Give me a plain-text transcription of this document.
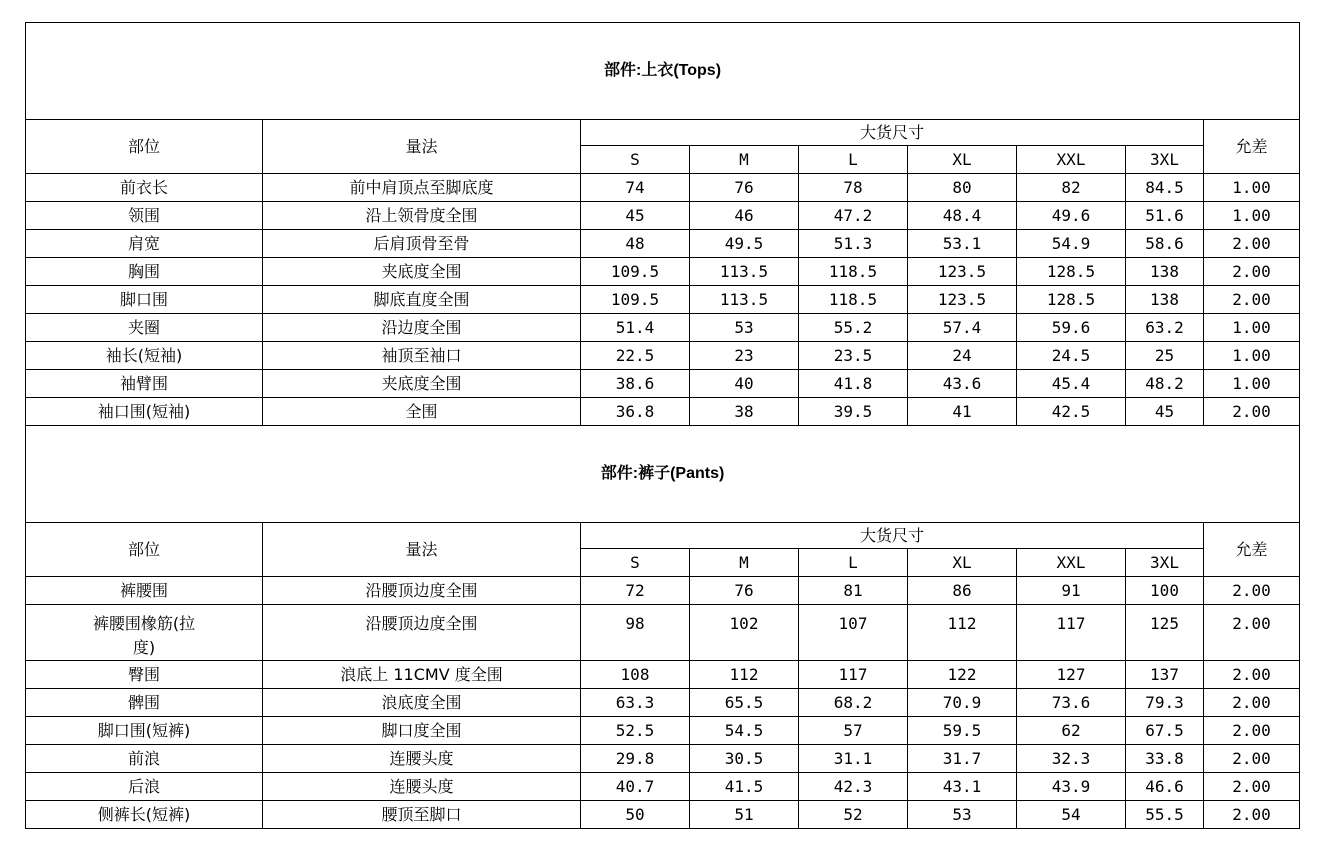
部件:上衣(Tops)								
部位	量法	大货尺寸						允差
		S	M	L	XL	XXL	3XL	
前衣长	前中肩顶点至脚底度	74	76	78	80	82	84.5	1.00
领围	沿上领骨度全围	45	46	47.2	48.4	49.6	51.6	1.00
肩宽	后肩顶骨至骨	48	49.5	51.3	53.1	54.9	58.6	2.00
胸围	夹底度全围	109.5	113.5	118.5	123.5	128.5	138	2.00
脚口围	脚底直度全围	109.5	113.5	118.5	123.5	128.5	138	2.00
夹圈	沿边度全围	51.4	53	55.2	57.4	59.6	63.2	1.00
袖长(短袖)	袖顶至袖口	22.5	23	23.5	24	24.5	25	1.00
袖臂围	夹底度全围	38.6	40	41.8	43.6	45.4	48.2	1.00
袖口围(短袖)	全围	36.8	38	39.5	41	42.5	45	2.00
部件:裤子(Pants)								
部位	量法	大货尺寸						允差
		S	M	L	XL	XXL	3XL	
裤腰围	沿腰顶边度全围	72	76	81	86	91	100	2.00
裤腰围橡筋(拉
度)	沿腰顶边度全围	98	102	107	112	117	125	2.00
臀围	浪底上 11CMV 度全围	108	112	117	122	127	137	2.00
髀围	浪底度全围	63.3	65.5	68.2	70.9	73.6	79.3	2.00
脚口围(短裤)	脚口度全围	52.5	54.5	57	59.5	62	67.5	2.00
前浪	连腰头度	29.8	30.5	31.1	31.7	32.3	33.8	2.00
后浪	连腰头度	40.7	41.5	42.3	43.1	43.9	46.6	2.00
侧裤长(短裤)	腰顶至脚口	50	51	52	53	54	55.5	2.00
